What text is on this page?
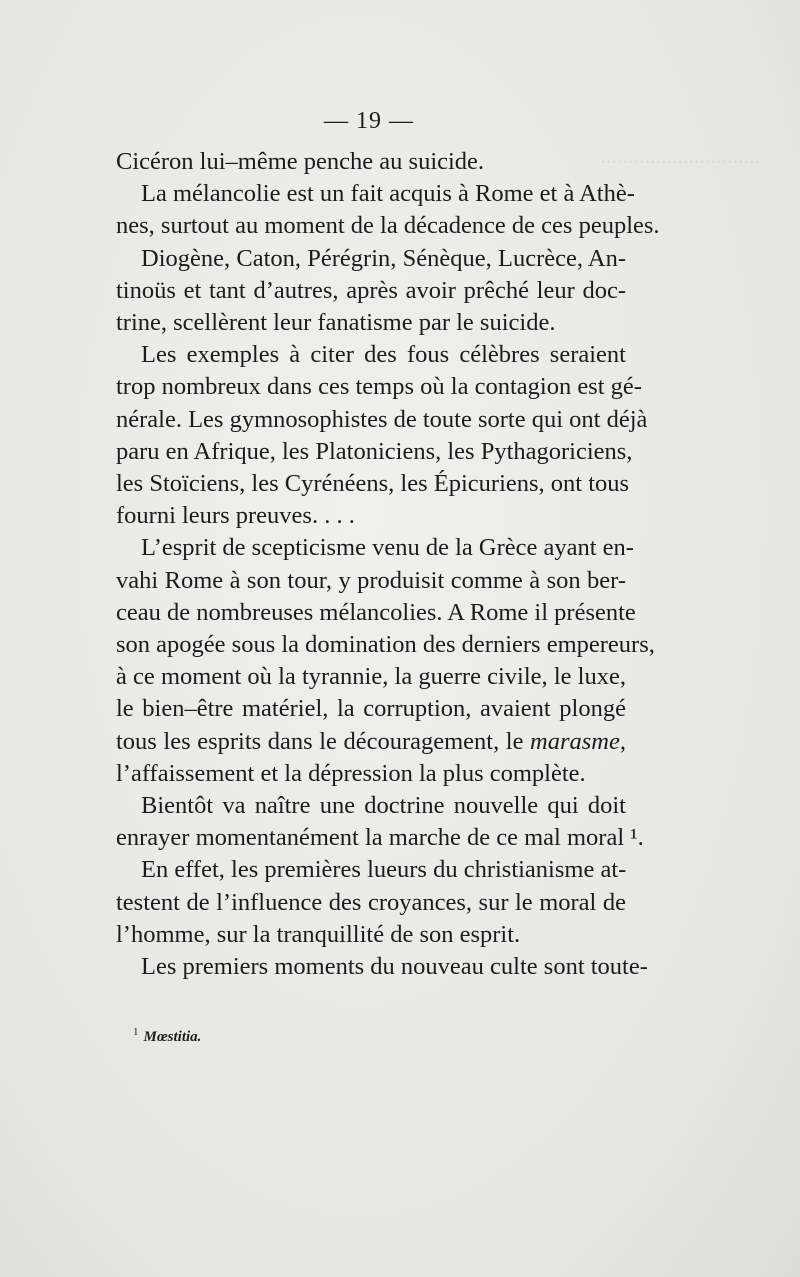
.............................
— 19 —
Cicéron lui–même penche au suicide.
La mélancolie est un fait acquis à Rome et à Athè-
nes, surtout au moment de la décadence de ces peuples.
Diogène, Caton, Pérégrin, Sénèque, Lucrèce, An-
tinoüs et tant d’autres, après avoir prêché leur doc-
trine, scellèrent leur fanatisme par le suicide.
Les exemples à citer des fous célèbres seraient
trop nombreux dans ces temps où la contagion est gé-
nérale. Les gymnosophistes de toute sorte qui ont déjà
paru en Afrique, les Platoniciens, les Pythagoriciens,
les Stoïciens, les Cyrénéens, les Épicuriens, ont tous
fourni leurs preuves. . . .
L’esprit de scepticisme venu de la Grèce ayant en-
vahi Rome à son tour, y produisit comme à son ber-
ceau de nombreuses mélancolies. A Rome il présente
son apogée sous la domination des derniers empereurs,
à ce moment où la tyrannie, la guerre civile, le luxe,
le bien–être matériel, la corruption, avaient plongé
tous les esprits dans le découragement, le marasme,
l’affaissement et la dépression la plus complète.
Bientôt va naître une doctrine nouvelle qui doit
enrayer momentanément la marche de ce mal moral ¹.
En effet, les premières lueurs du christianisme at-
testent de l’influence des croyances, sur le moral de
l’homme, sur la tranquillité de son esprit.
Les premiers moments du nouveau culte sont toute-
$^1$ Mœstitia.
